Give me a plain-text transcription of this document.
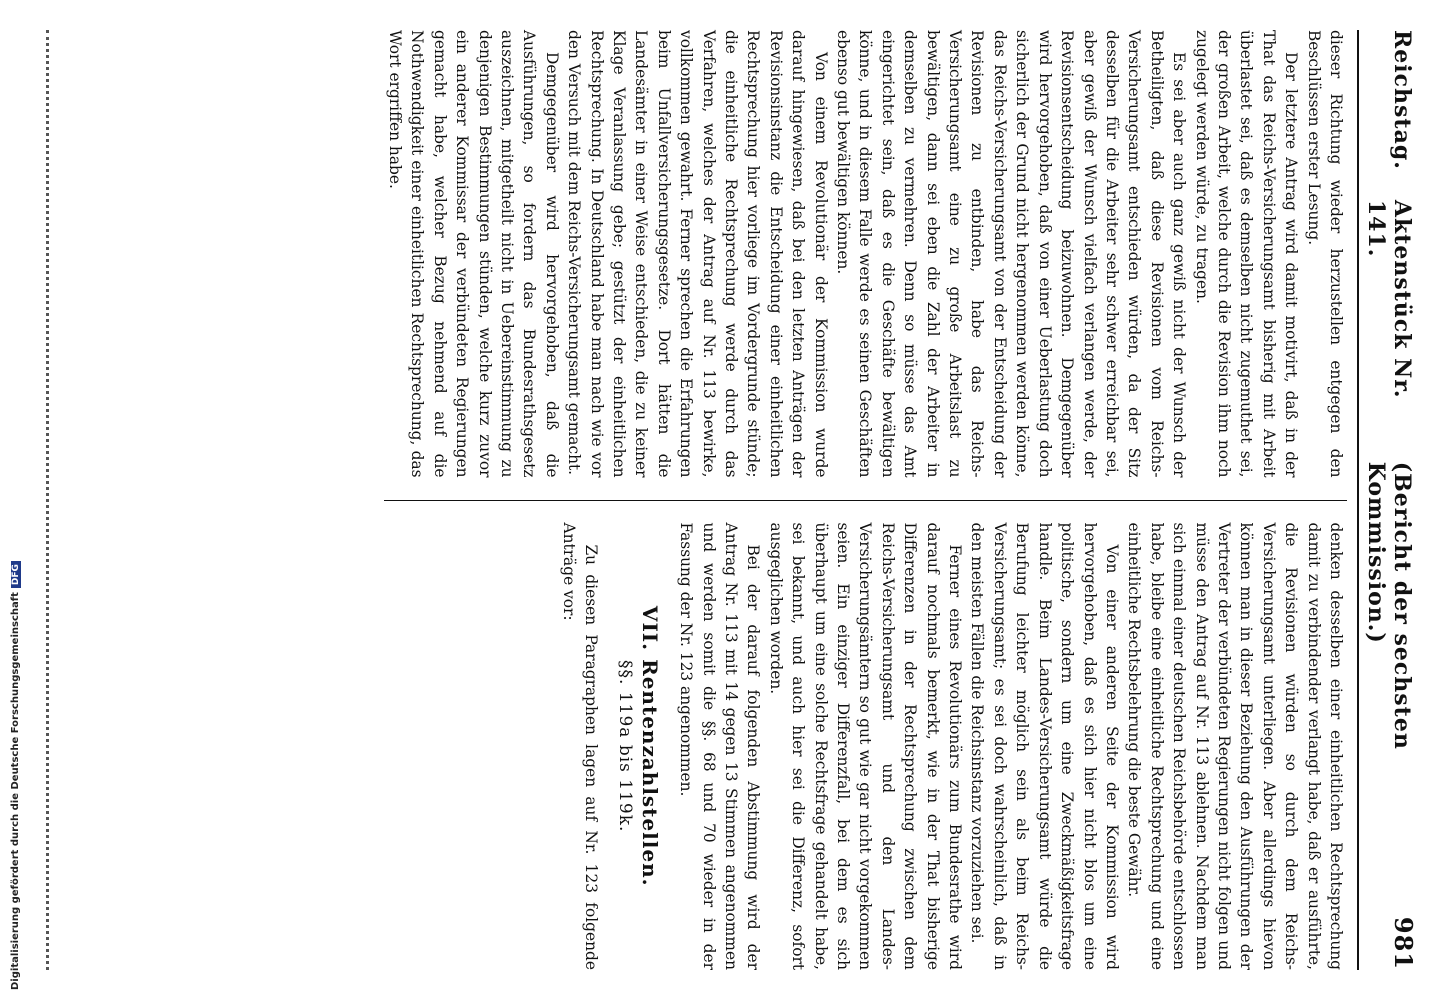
Digitalisierung gefördert durch die Deutsche ForschungsgemeinschaftDFG
Reichstag.
Aktenstück Nr. 141.
(Bericht der sechsten Kommission.)
981

dieser Richtung wieder herzustellen entgegen den Beschlüssen erster Lesung.

Der letztere Antrag wird damit motivirt, daß in der That das Reichs-Versicherungsamt bisherig mit Arbeit überlastet sei, daß es demselben nicht zugemuthet sei, der großen Arbeit, welche durch die Revision ihm noch zugelegt werden würde, zu tragen.

Es sei aber auch ganz gewiß nicht der Wunsch der Betheiligten, daß diese Revisionen vom Reichs-Versicherungsamt entschieden würden, da der Sitz desselben für die Arbeiter sehr schwer erreichbar sei, aber gewiß der Wunsch vielfach verlangen werde, der Revisionsentscheidung beizuwohnen. Demgegenüber wird hervorgehoben, daß von einer Ueberlastung doch sicherlich der Grund nicht hergenommen werden könne, das Reichs-Versicherungsamt von der Entscheidung der Revisionen zu entbinden, habe das Reichs-Versicherungsamt eine zu große Arbeitslast zu bewältigen, dann sei eben die Zahl der Arbeiter in demselben zu vermehren. Denn so müsse das Amt eingerichtet sein, daß es die Geschäfte bewältigen könne, und in diesem Falle werde es seinen Geschäften ebenso gut bewältigen können.

Von einem Revolutionär der Kommission wurde darauf hingewiesen, daß bei den letzten Anträgen der Revisionsinstanz die Entscheidung einer einheitlichen Rechtsprechung hier vorliege im Vordergrunde stünde; die einheitliche Rechtsprechung werde durch das Verfahren, welches der Antrag auf Nr. 113 bewirke, vollkommen gewahrt. Ferner sprechen die Erfahrungen beim Unfallversicherungsgesetze. Dort hätten die Landesämter in einer Weise entschieden, die zu keiner Klage Veranlassung gebe; gestützt der einheitlichen Rechtsprechung. In Deutschland habe man nach wie vor den Versuch mit dem Reichs-Versicherungsamt gemacht.

Demgegenüber wird hervorgehoben, daß die Ausführungen, so fordern das Bundesrathsgesetz auszeichnen, mitgetheilt nicht in Uebereinstimmung zu denjenigen Bestimmungen stünden, welche kurz zuvor ein anderer Kommissar der verbündeten Regierungen gemacht habe, welcher Bezug nehmend auf die Nothwendigkeit einer einheitlichen Rechtsprechung, das Wort ergriffen habe.

denken desselben einer einheitlichen Rechtsprechung damit zu verbindender verlangt habe, daß er ausführte, die Revisionen würden so durch dem Reichs-Versicherungsamt unterliegen. Aber allerdings hievon können man in dieser Beziehung den Ausführungen der Vertreter der verbündeten Regierungen nicht folgen und müsse den Antrag auf Nr. 113 ablehnen. Nachdem man sich einmal einer deutschen Reichsbehörde entschlossen habe, bleibe eine einheitliche Rechtsprechung und eine einheitliche Rechtsbelehrung die beste Gewähr.

Von einer anderen Seite der Kommission wird hervorgehoben, daß es sich hier nicht blos um eine politische, sondern um eine Zweckmäßigkeitsfrage handle. Beim Landes-Versicherungsamt würde die Berufung leichter möglich sein als beim Reichs-Versicherungsamt; es sei doch wahrscheinlich, daß in den meisten Fällen die Reichsinstanz vorzuziehen sei.

Ferner eines Revolutionärs zum Bundesrathe wird darauf nochmals bemerkt, wie in der That bisherige Differenzen in der Rechtsprechung zwischen dem Reichs-Versicherungsamt und den Landes-Versicherungsämtern so gut wie gar nicht vorgekommen seien. Ein einziger Differenzfall, bei dem es sich überhaupt um eine solche Rechtsfrage gehandelt habe, sei bekannt, und auch hier sei die Differenz, sofort ausgeglichen worden.

Bei der darauf folgenden Abstimmung wird der Antrag Nr. 113 mit 14 gegen 13 Stimmen angenommen und werden somit die §§. 68 und 70 wieder in der Fassung der Nr. 123 angenommen.

VII. Rentenzahlstellen.
§§. 119a bis 119k.

Zu diesen Paragraphen lagen auf Nr. 123 folgende Anträge vor:
